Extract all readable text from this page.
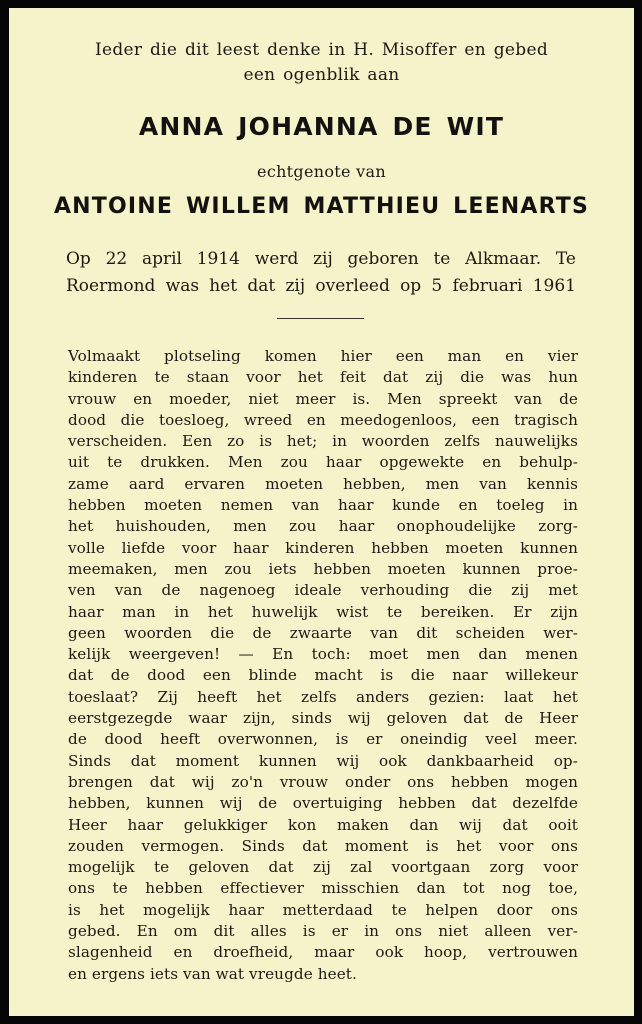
Ieder die dit leest denke in H. Misoffer en gebed
een ogenblik aan
ANNA JOHANNA DE WIT
echtgenote van
ANTOINE WILLEM MATTHIEU LEENARTS
Op 22 april 1914 werd zij geboren te Alkmaar. Te
Roermond was het dat zij overleed op 5 februari 1961
Volmaakt plotseling komen hier een man en vier
kinderen te staan voor het feit dat zij die was hun
vrouw en moeder, niet meer is. Men spreekt van de
dood die toesloeg, wreed en meedogenloos, een tragisch
verscheiden. Een zo is het; in woorden zelfs nauwelijks
uit te drukken. Men zou haar opgewekte en behulp-
zame aard ervaren moeten hebben, men van kennis
hebben moeten nemen van haar kunde en toeleg in
het huishouden, men zou haar onophoudelijke zorg-
volle liefde voor haar kinderen hebben moeten kunnen
meemaken, men zou iets hebben moeten kunnen proe-
ven van de nagenoeg ideale verhouding die zij met
haar man in het huwelijk wist te bereiken. Er zijn
geen woorden die de zwaarte van dit scheiden wer-
kelijk weergeven! — En toch: moet men dan menen
dat de dood een blinde macht is die naar willekeur
toeslaat? Zij heeft het zelfs anders gezien: laat het
eerstgezegde waar zijn, sinds wij geloven dat de Heer
de dood heeft overwonnen, is er oneindig veel meer.
Sinds dat moment kunnen wij ook dankbaarheid op-
brengen dat wij zo'n vrouw onder ons hebben mogen
hebben, kunnen wij de overtuiging hebben dat dezelfde
Heer haar gelukkiger kon maken dan wij dat ooit
zouden vermogen. Sinds dat moment is het voor ons
mogelijk te geloven dat zij zal voortgaan zorg voor
ons te hebben effectiever misschien dan tot nog toe,
is het mogelijk haar metterdaad te helpen door ons
gebed. En om dit alles is er in ons niet alleen ver-
slagenheid en droefheid, maar ook hoop, vertrouwen
en ergens iets van wat vreugde heet.
